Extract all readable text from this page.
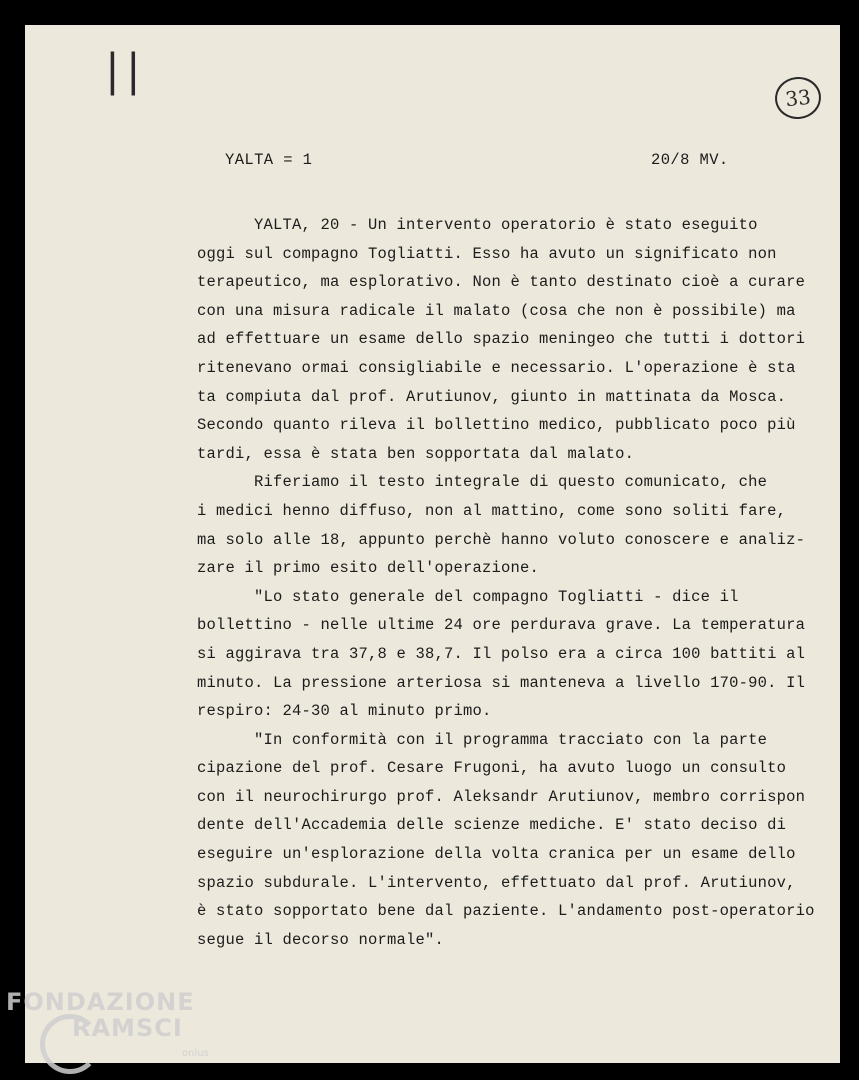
||
33
YALTA = 1	20/8 MV.
YALTA, 20 - Un intervento operatorio è stato eseguito
oggi sul compagno Togliatti. Esso ha avuto un significato non
terapeutico, ma esplorativo. Non è tanto destinato cioè a curare
con una misura radicale il malato (cosa che non è possibile) ma
ad effettuare un esame dello spazio meningeo che tutti i dottori
ritenevano ormai consigliabile e necessario. L'operazione è sta
ta compiuta dal prof. Arutiunov, giunto in mattinata da Mosca.
Secondo quanto rileva il bollettino medico, pubblicato poco più
tardi, essa è stata ben sopportata dal malato.
Riferiamo il testo integrale di questo comunicato, che
i medici henno diffuso, non al mattino, come sono soliti fare,
ma solo alle 18, appunto perchè hanno voluto conoscere e analiz-
zare il primo esito dell'operazione.
"Lo stato generale del compagno Togliatti - dice il
bollettino - nelle ultime 24 ore perdurava grave. La temperatura
si aggirava tra 37,8 e 38,7. Il polso era a circa 100 battiti al
minuto. La pressione arteriosa si manteneva a livello 170-90. Il
respiro: 24-30 al minuto primo.
"In conformità con il programma tracciato con la parte
cipazione del prof. Cesare Frugoni, ha avuto luogo un consulto
con il neurochirurgo prof. Aleksandr Arutiunov, membro corrispon
dente dell'Accademia delle scienze mediche. E' stato deciso di
eseguire un'esplorazione della volta cranica per un esame dello
spazio subdurale. L'intervento, effettuato dal prof. Arutiunov,
è stato sopportato bene dal paziente. L'andamento post-operatorio
segue il decorso normale".
FONDAZIONE
RAMSCI
onlus
